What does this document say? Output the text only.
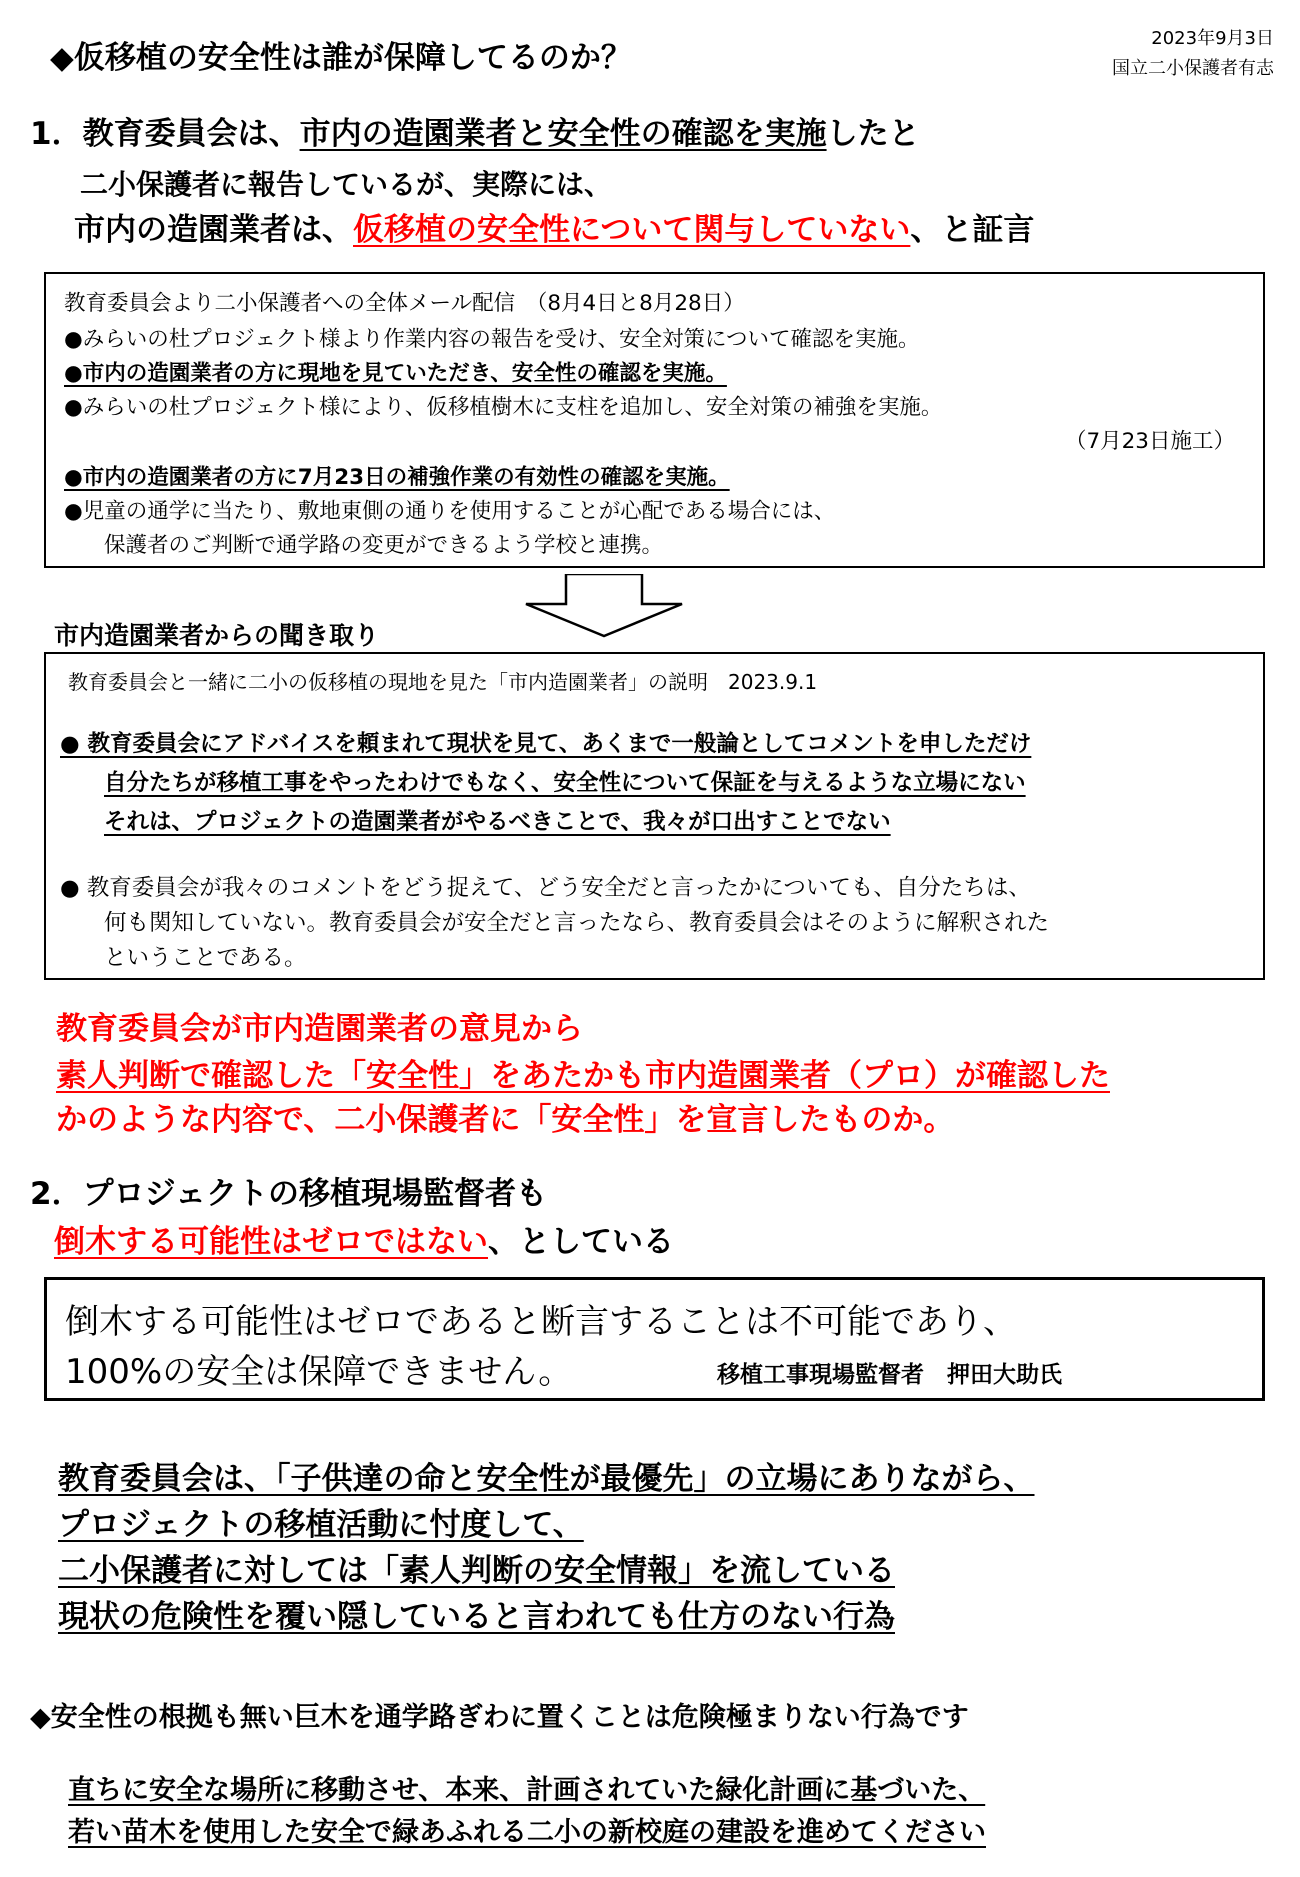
◆仮移植の安全性は誰が保障してるのか？
2023年9月3日
国立二小保護者有志
1．教育委員会は、市内の造園業者と安全性の確認を実施したと
二小保護者に報告しているが、実際には、
市内の造園業者は、仮移植の安全性について関与していない、と証言
教育委員会より二小保護者への全体メール配信　（8月4日と8月28日）
●みらいの杜プロジェクト様より作業内容の報告を受け、安全対策について確認を実施。
●市内の造園業者の方に現地を見ていただき、安全性の確認を実施。
●みらいの杜プロジェクト様により、仮移植樹木に支柱を追加し、安全対策の補強を実施。
（7月23日施工）
●市内の造園業者の方に7月23日の補強作業の有効性の確認を実施。
●児童の通学に当たり、敷地東側の通りを使用することが心配である場合には、
保護者のご判断で通学路の変更ができるよう学校と連携。
市内造園業者からの聞き取り
教育委員会と一緒に二小の仮移植の現地を見た「市内造園業者」の説明　2023.9.1
● 教育委員会にアドバイスを頼まれて現状を見て、あくまで一般論としてコメントを申しただけ
自分たちが移植工事をやったわけでもなく、安全性について保証を与えるような立場にない
それは、プロジェクトの造園業者がやるべきことで、我々が口出すことでない
● 教育委員会が我々のコメントをどう捉えて、どう安全だと言ったかについても、自分たちは、
何も関知していない。教育委員会が安全だと言ったなら、教育委員会はそのように解釈された
ということである。
教育委員会が市内造園業者の意見から
素人判断で確認した「安全性」をあたかも市内造園業者（プロ）が確認した
かのような内容で、二小保護者に「安全性」を宣言したものか。
2．プロジェクトの移植現場監督者も
倒木する可能性はゼロではない、としている
倒木する可能性はゼロであると断言することは不可能であり、
100%の安全は保障できません。	移植工事現場監督者　押田大助氏
教育委員会は、「子供達の命と安全性が最優先」の立場にありながら、
プロジェクトの移植活動に忖度して、
二小保護者に対しては「素人判断の安全情報」を流している
現状の危険性を覆い隠していると言われても仕方のない行為
◆安全性の根拠も無い巨木を通学路ぎわに置くことは危険極まりない行為です
直ちに安全な場所に移動させ、本来、計画されていた緑化計画に基づいた、
若い苗木を使用した安全で緑あふれる二小の新校庭の建設を進めてください
